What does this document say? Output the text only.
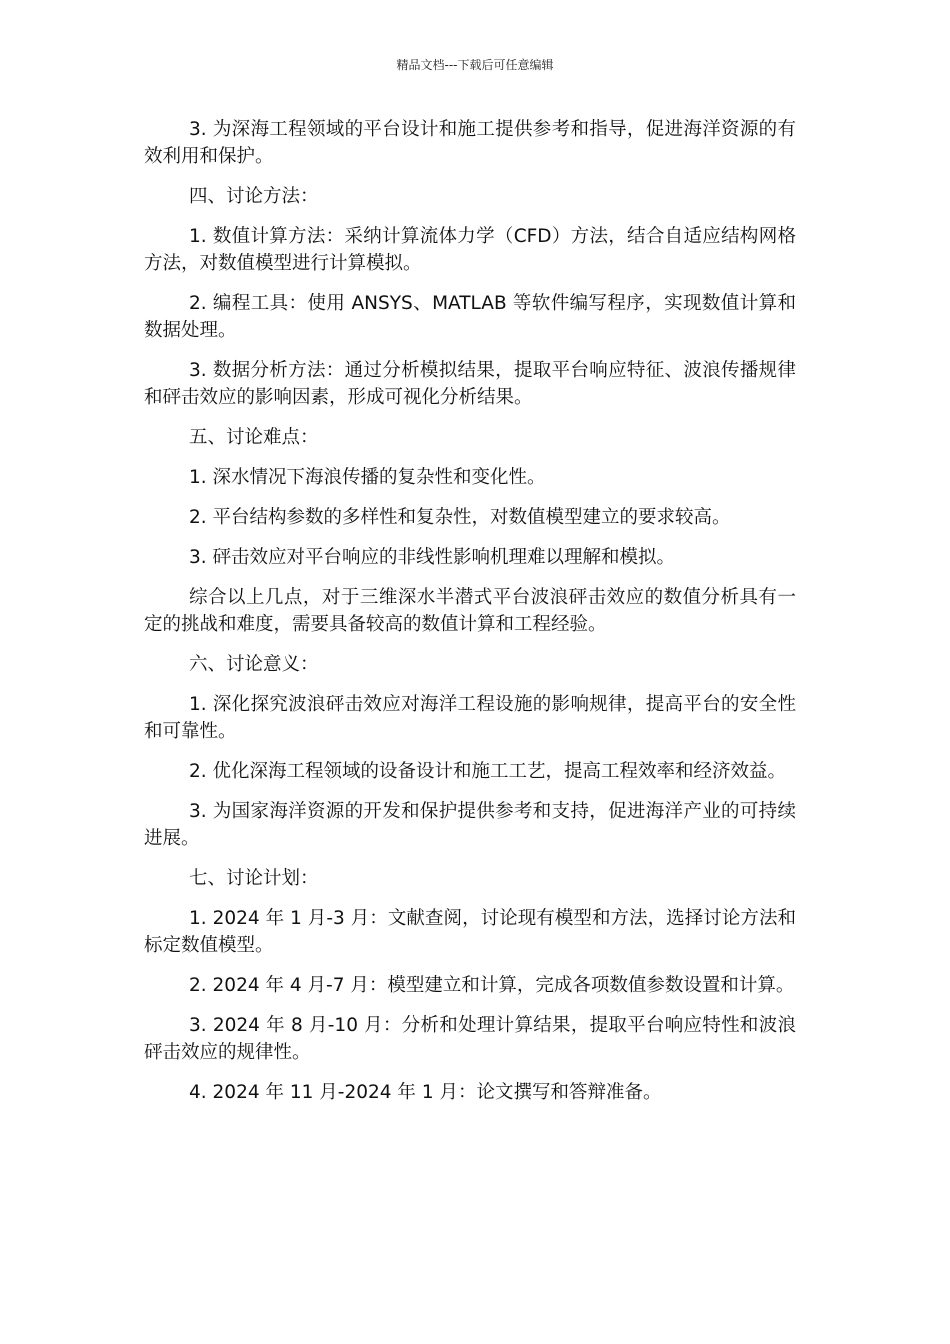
精品文档---下载后可任意编辑

3. 为深海工程领域的平台设计和施工提供参考和指导，促进海洋资源的有效利用和保护。

四、讨论方法：

1. 数值计算方法：采纳计算流体力学（CFD）方法，结合自适应结构网格方法，对数值模型进行计算模拟。

2. 编程工具：使用 ANSYS、MATLAB 等软件编写程序，实现数值计算和数据处理。

3. 数据分析方法：通过分析模拟结果，提取平台响应特征、波浪传播规律和砰击效应的影响因素，形成可视化分析结果。

五、讨论难点：

1. 深水情况下海浪传播的复杂性和变化性。

2. 平台结构参数的多样性和复杂性，对数值模型建立的要求较高。

3. 砰击效应对平台响应的非线性影响机理难以理解和模拟。

综合以上几点，对于三维深水半潜式平台波浪砰击效应的数值分析具有一定的挑战和难度，需要具备较高的数值计算和工程经验。

六、讨论意义：

1. 深化探究波浪砰击效应对海洋工程设施的影响规律，提高平台的安全性和可靠性。

2. 优化深海工程领域的设备设计和施工工艺，提高工程效率和经济效益。

3. 为国家海洋资源的开发和保护提供参考和支持，促进海洋产业的可持续进展。

七、讨论计划：

1. 2024 年 1 月-3 月：文献查阅，讨论现有模型和方法，选择讨论方法和标定数值模型。

2. 2024 年 4 月-7 月：模型建立和计算，完成各项数值参数设置和计算。

3. 2024 年 8 月-10 月：分析和处理计算结果，提取平台响应特性和波浪砰击效应的规律性。

4. 2024 年 11 月-2024 年 1 月：论文撰写和答辩准备。
